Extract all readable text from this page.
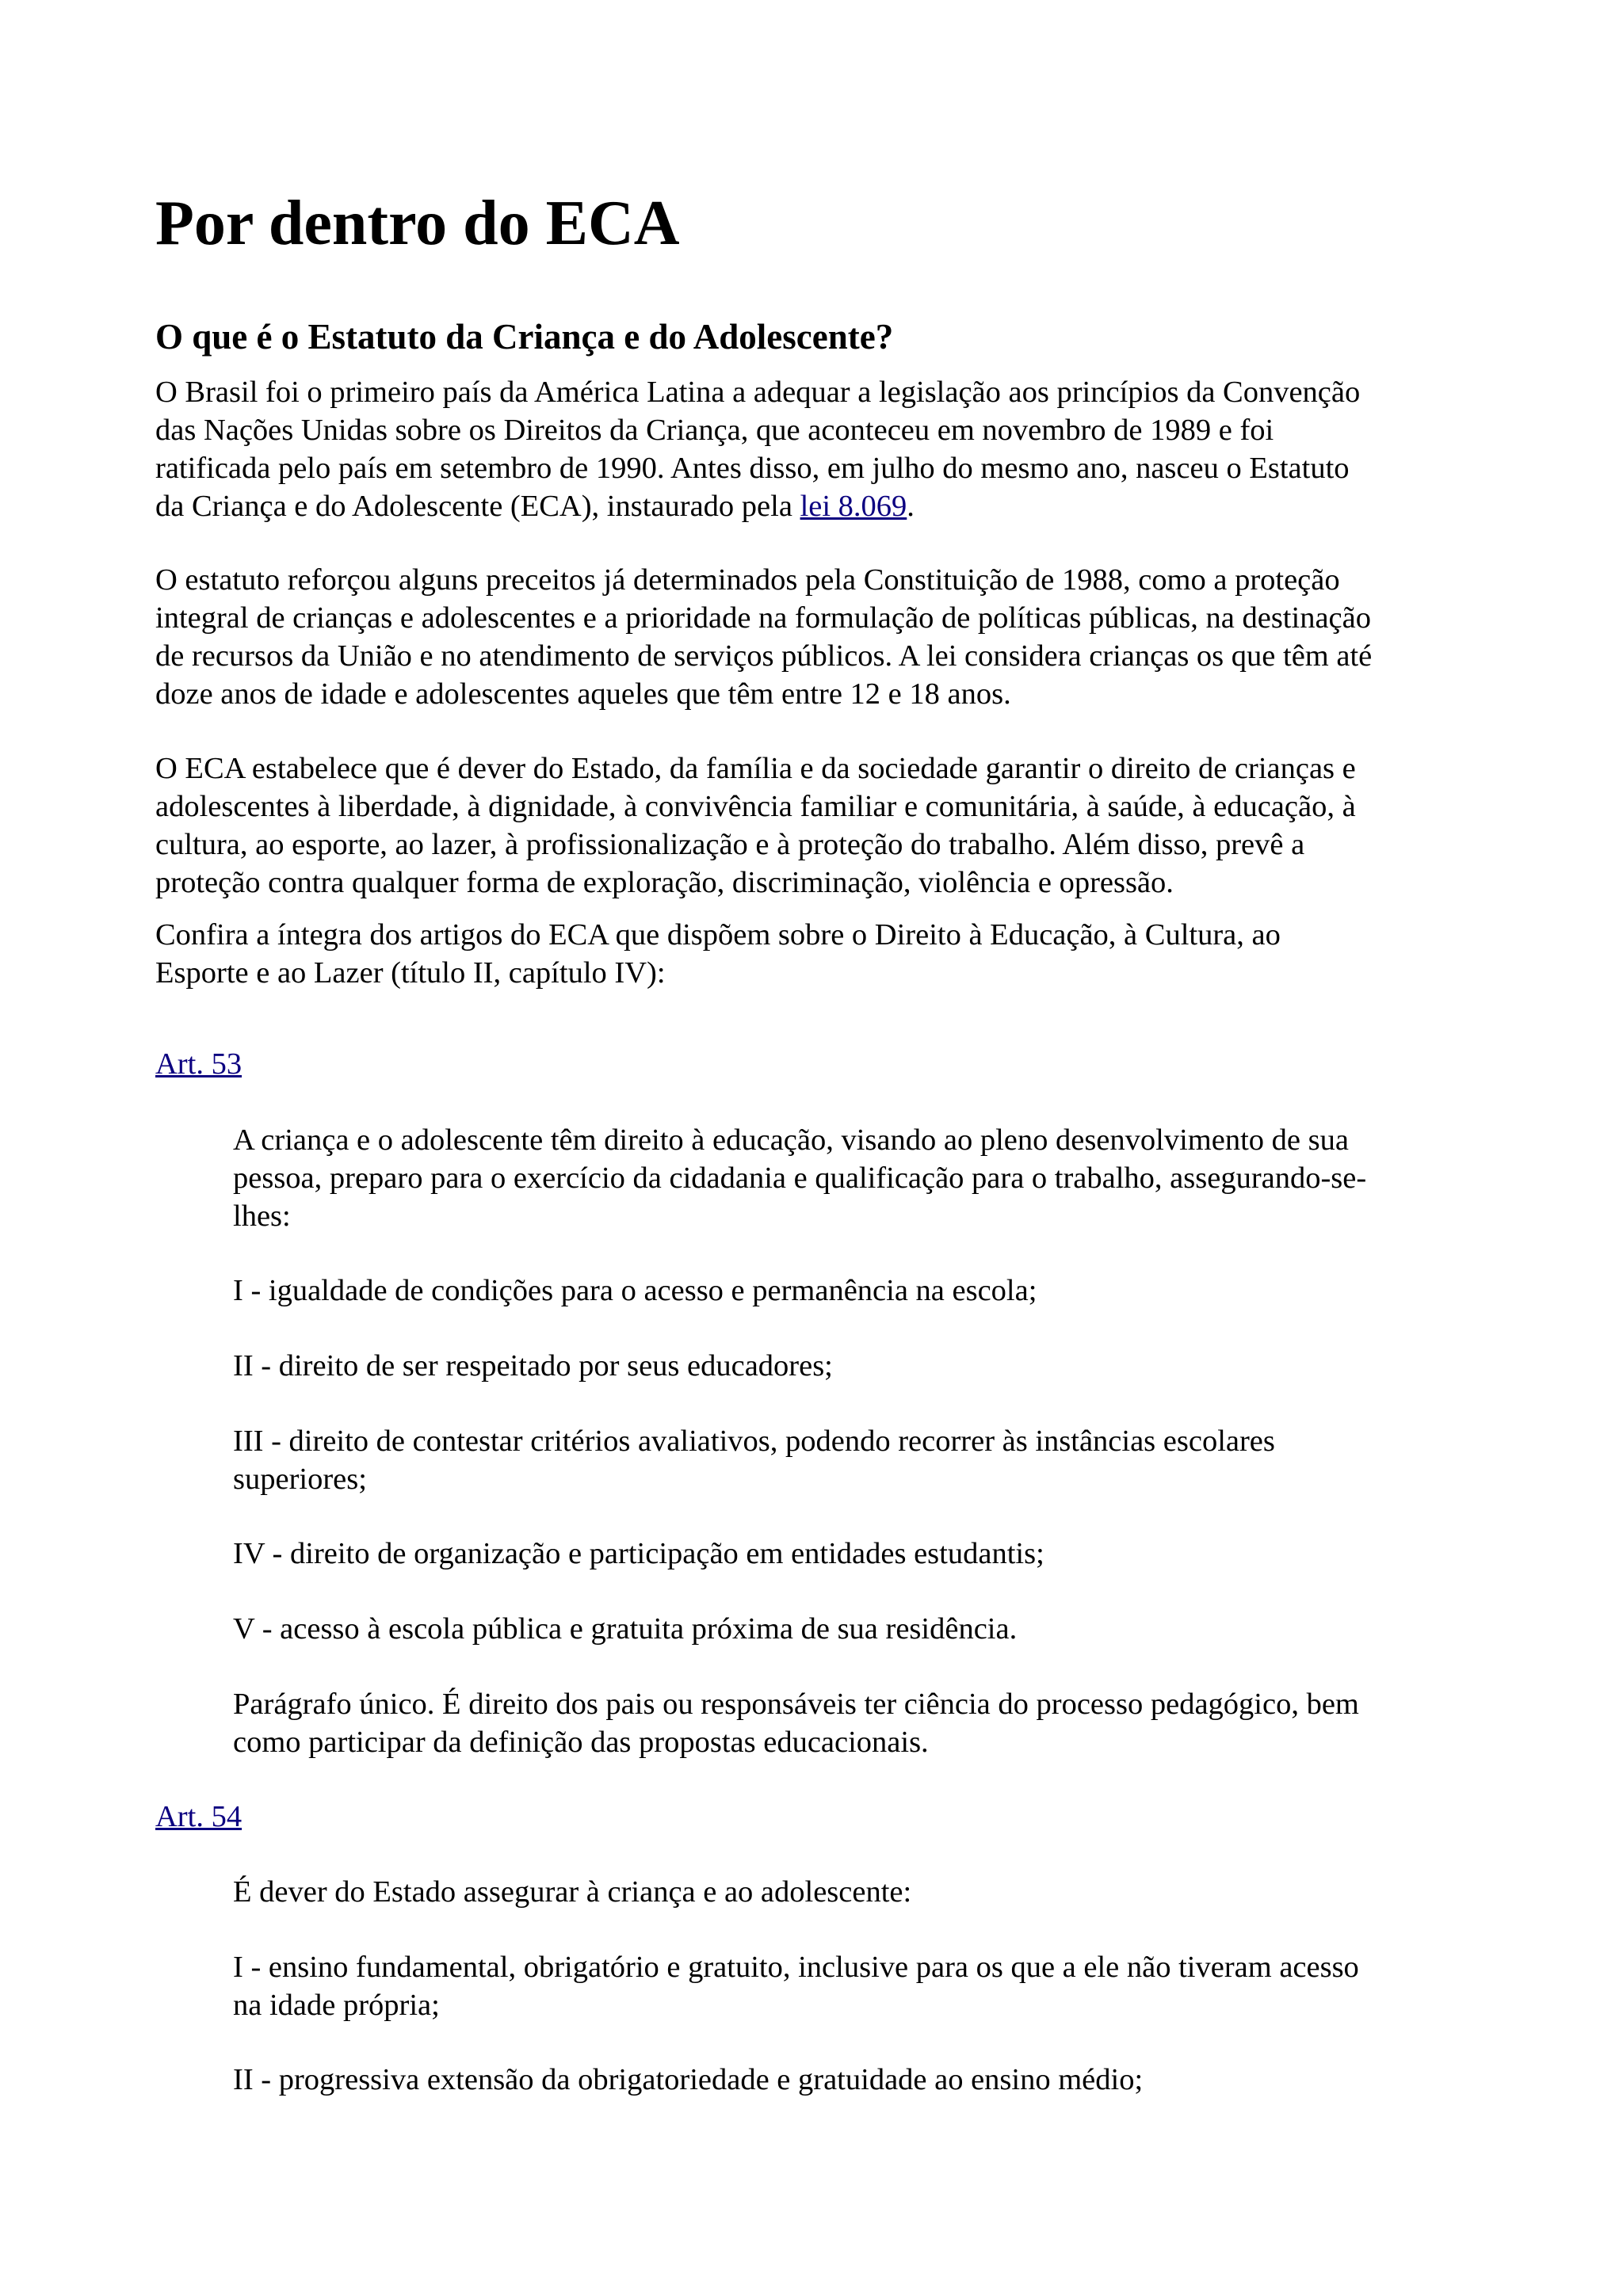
Por dentro do ECA
O que é o Estatuto da Criança e do Adolescente?
O Brasil foi o primeiro país da América Latina a adequar a legislação aos princípios da Convenção
das Nações Unidas sobre os Direitos da Criança, que aconteceu em novembro de 1989 e foi
ratificada pelo país em setembro de 1990. Antes disso, em julho do mesmo ano, nasceu o Estatuto
da Criança e do Adolescente (ECA), instaurado pela lei 8.069.
O estatuto reforçou alguns preceitos já determinados pela Constituição de 1988, como a proteção
integral de crianças e adolescentes e a prioridade na formulação de políticas públicas, na destinação
de recursos da União e no atendimento de serviços públicos. A lei considera crianças os que têm até
doze anos de idade e adolescentes aqueles que têm entre 12 e 18 anos.
O ECA estabelece que é dever do Estado, da família e da sociedade garantir o direito de crianças e
adolescentes à liberdade, à dignidade, à convivência familiar e comunitária, à saúde, à educação, à
cultura, ao esporte, ao lazer, à profissionalização e à proteção do trabalho. Além disso, prevê a
proteção contra qualquer forma de exploração, discriminação, violência e opressão.
Confira a íntegra dos artigos do ECA que dispõem sobre o Direito à Educação, à Cultura, ao
Esporte e ao Lazer (título II, capítulo IV):
Art. 53
A criança e o adolescente têm direito à educação, visando ao pleno desenvolvimento de sua
pessoa, preparo para o exercício da cidadania e qualificação para o trabalho, assegurando-se-
lhes:
I - igualdade de condições para o acesso e permanência na escola;
II - direito de ser respeitado por seus educadores;
III - direito de contestar critérios avaliativos, podendo recorrer às instâncias escolares
superiores;
IV - direito de organização e participação em entidades estudantis;
V - acesso à escola pública e gratuita próxima de sua residência.
Parágrafo único. É direito dos pais ou responsáveis ter ciência do processo pedagógico, bem
como participar da definição das propostas educacionais.
Art. 54
É dever do Estado assegurar à criança e ao adolescente:
I - ensino fundamental, obrigatório e gratuito, inclusive para os que a ele não tiveram acesso
na idade própria;
II - progressiva extensão da obrigatoriedade e gratuidade ao ensino médio;
